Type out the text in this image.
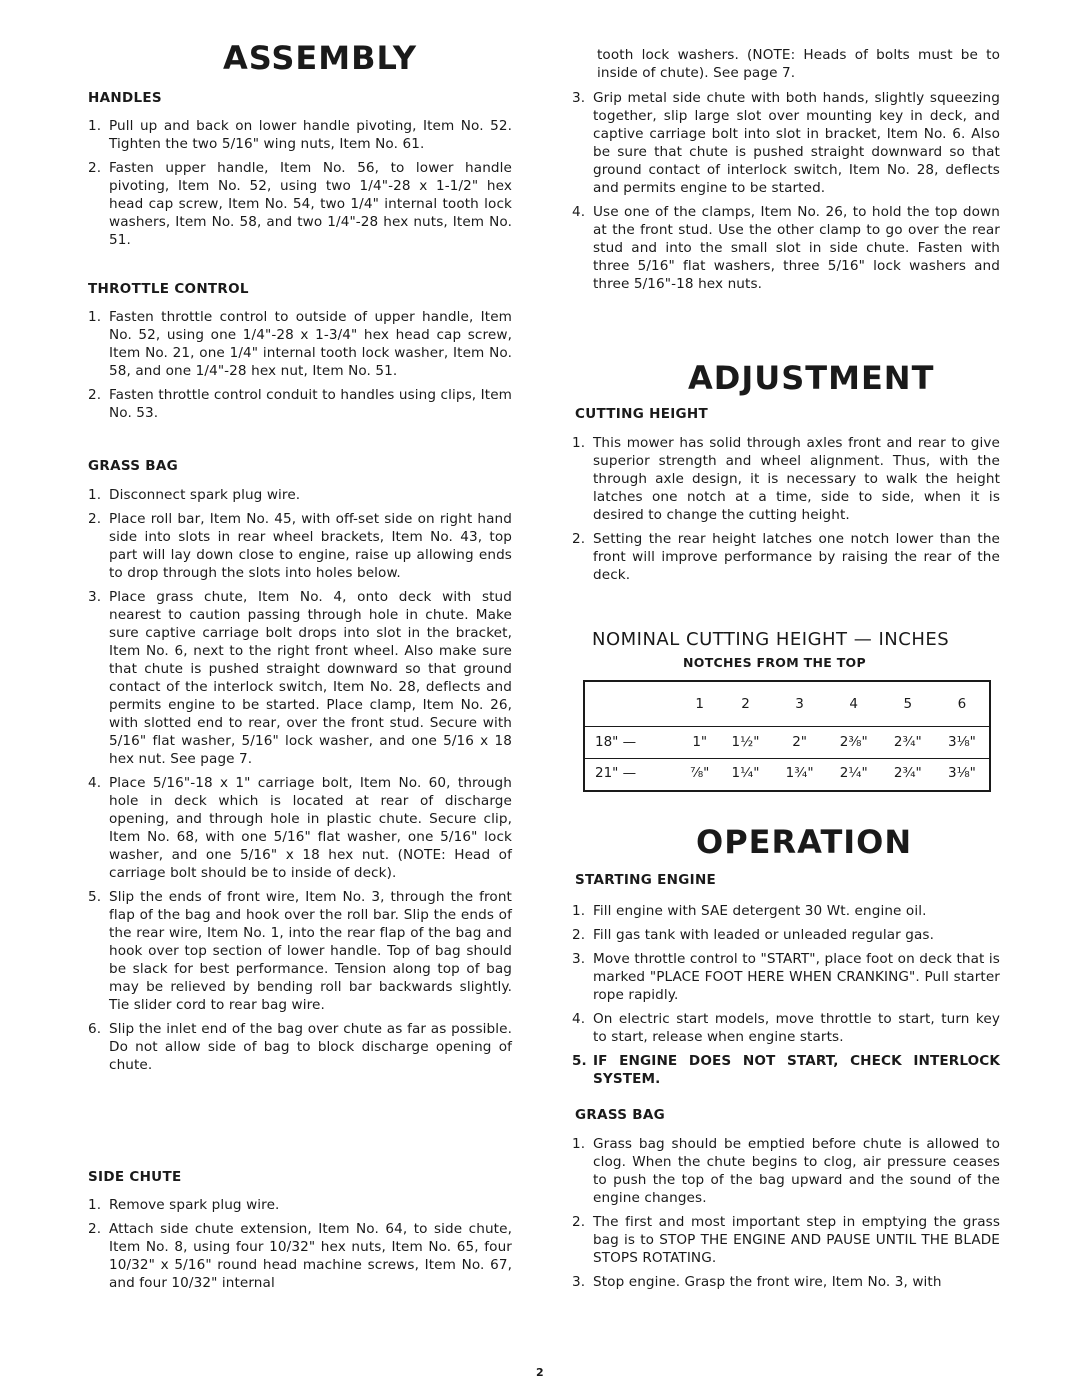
ASSEMBLY
HANDLES
1. Pull up and back on lower handle pivoting, Item No. 52. Tighten the two 5/16" wing nuts, Item No. 61.
2. Fasten upper handle, Item No. 56, to lower handle pivoting, Item No. 52, using two 1/4"-28 x 1-1/2" hex head cap screw, Item No. 54, two 1/4" internal tooth lock washers, Item No. 58, and two 1/4"-28 hex nuts, Item No. 51.
THROTTLE CONTROL
1. Fasten throttle control to outside of upper handle, Item No. 52, using one 1/4"-28 x 1-3/4" hex head cap screw, Item No. 21, one 1/4" internal tooth lock washer, Item No. 58, and one 1/4"-28 hex nut, Item No. 51.
2. Fasten throttle control conduit to handles using clips, Item No. 53.
GRASS BAG
1. Disconnect spark plug wire.
2. Place roll bar, Item No. 45, with off-set side on right hand side into slots in rear wheel brackets, Item No. 43, top part will lay down close to engine, raise up allowing ends to drop through the slots into holes below.
3. Place grass chute, Item No. 4, onto deck with stud nearest to caution passing through hole in chute. Make sure captive carriage bolt drops into slot in the bracket, Item No. 6, next to the right front wheel. Also make sure that chute is pushed straight downward so that ground contact of the interlock switch, Item No. 28, deflects and permits engine to be started. Place clamp, Item No. 26, with slotted end to rear, over the front stud. Secure with 5/16" flat washer, 5/16" lock washer, and one 5/16 x 18 hex nut. See page 7.
4. Place 5/16"-18 x 1" carriage bolt, Item No. 60, through hole in deck which is located at rear of discharge opening, and through hole in plastic chute. Secure clip, Item No. 68, with one 5/16" flat washer, one 5/16" lock washer, and one 5/16" x 18 hex nut. (NOTE: Head of carriage bolt should be to inside of deck).
5. Slip the ends of front wire, Item No. 3, through the front flap of the bag and hook over the roll bar. Slip the ends of the rear wire, Item No. 1, into the rear flap of the bag and hook over top section of lower handle. Top of bag should be slack for best performance. Tension along top of bag may be relieved by bending roll bar backwards slightly. Tie slider cord to rear bag wire.
6. Slip the inlet end of the bag over chute as far as possible. Do not allow side of bag to block discharge opening of chute.
SIDE CHUTE
1. Remove spark plug wire.
2. Attach side chute extension, Item No. 64, to side chute, Item No. 8, using four 10/32" hex nuts, Item No. 65, four 10/32" x 5/16" round head machine screws, Item No. 67, and four 10/32" internal

tooth lock washers. (NOTE: Heads of bolts must be to inside of chute). See page 7.

3. Grip metal side chute with both hands, slightly squeezing together, slip large slot over mounting key in deck, and captive carriage bolt into slot in bracket, Item No. 6. Also be sure that chute is pushed straight downward so that ground contact of interlock switch, Item No. 28, deflects and permits engine to be started.
4. Use one of the clamps, Item No. 26, to hold the top down at the front stud. Use the other clamp to go over the rear stud and into the small slot in side chute. Fasten with three 5/16" flat washers, three 5/16" lock washers and three 5/16"-18 hex nuts.
ADJUSTMENT
CUTTING HEIGHT
1. This mower has solid through axles front and rear to give superior strength and wheel alignment. Thus, with the through axle design, it is necessary to walk the height latches one notch at a time, side to side, when it is desired to change the cutting height.
2. Setting the rear height latches one notch lower than the front will improve performance by raising the rear of the deck.
NOMINAL CUTTING HEIGHT — INCHES
NOTCHES FROM THE TOP
	1	2	3	4	5	6
18" —	1"	1½"	2"	2⅜"	2¾"	3⅛"
21" —	⅞"	1¼"	1¾"	2¼"	2¾"	3⅛"
OPERATION
STARTING ENGINE
1. Fill engine with SAE detergent 30 Wt. engine oil.
2. Fill gas tank with leaded or unleaded regular gas.
3. Move throttle control to "START", place foot on deck that is marked "PLACE FOOT HERE WHEN CRANKING". Pull starter rope rapidly.
4. On electric start models, move throttle to start, turn key to start, release when engine starts.
5. IF ENGINE DOES NOT START, CHECK INTERLOCK SYSTEM.
GRASS BAG
1. Grass bag should be emptied before chute is allowed to clog. When the chute begins to clog, air pressure ceases to push the top of the bag upward and the sound of the engine changes.
2. The first and most important step in emptying the grass bag is to STOP THE ENGINE AND PAUSE UNTIL THE BLADE STOPS ROTATING.
3. Stop engine. Grasp the front wire, Item No. 3, with
2
